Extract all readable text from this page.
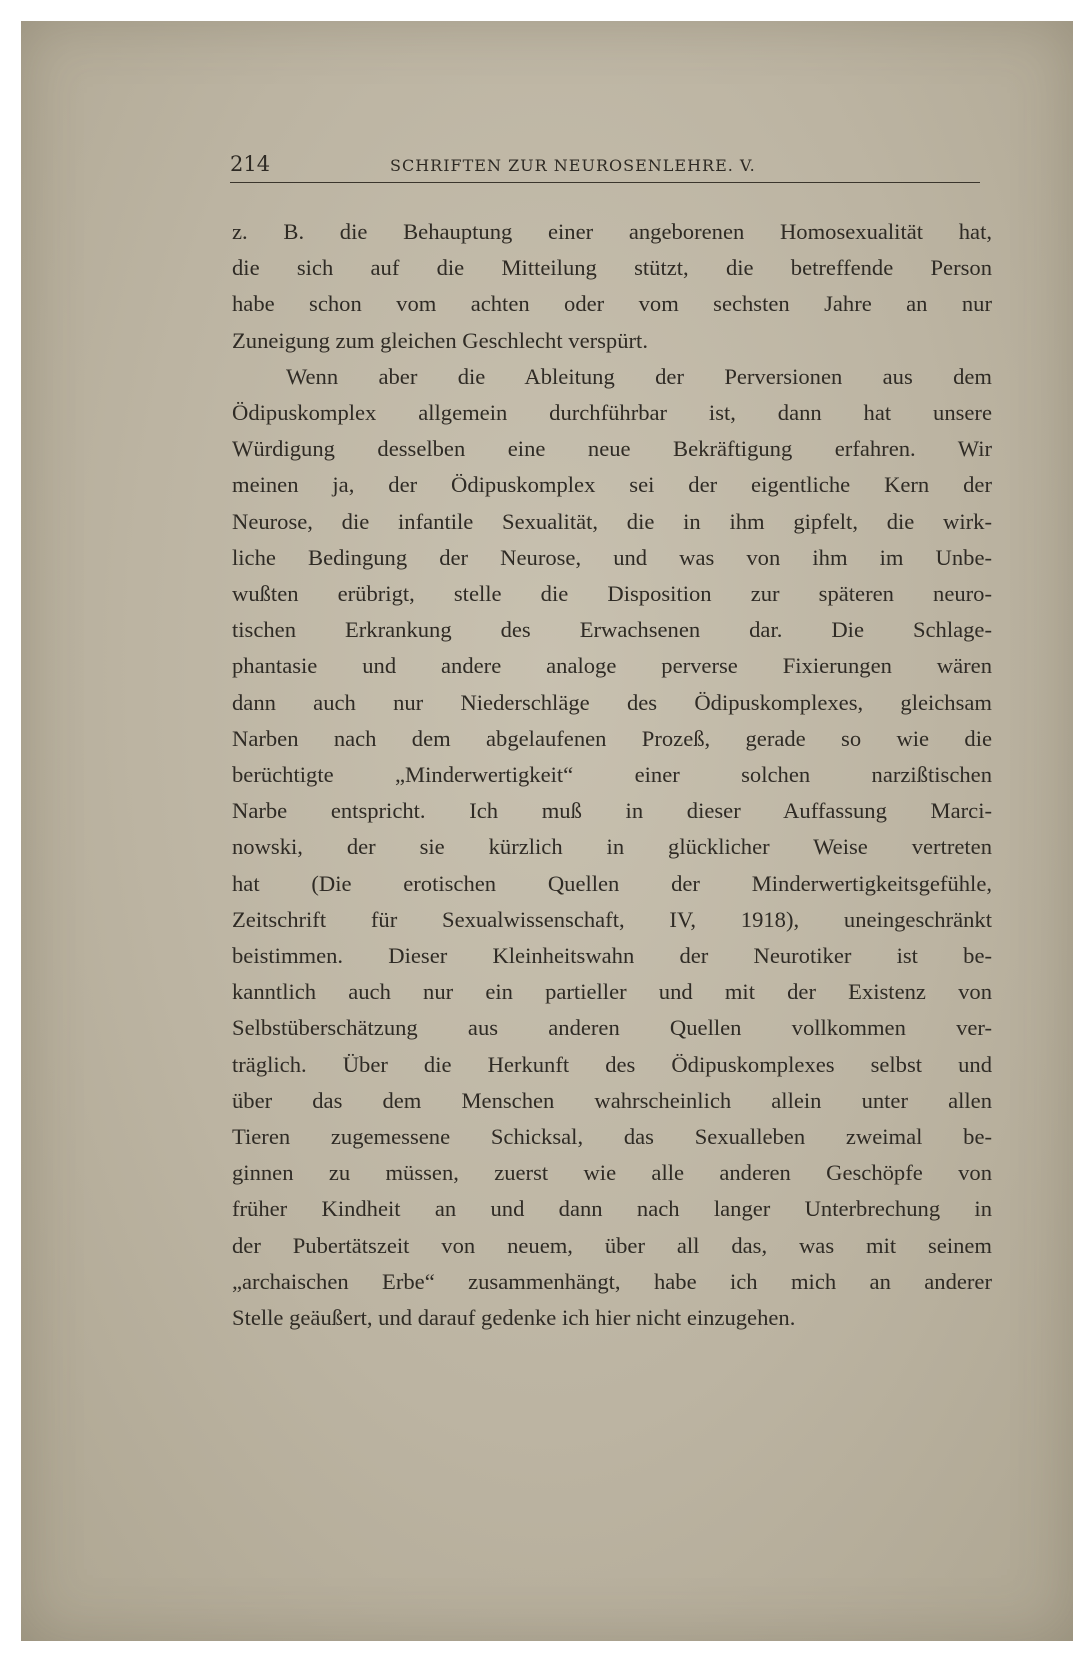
214	SCHRIFTEN ZUR NEUROSENLEHRE. V.
z. B. die Behauptung einer angeborenen Homosexualität hat,
die sich auf die Mitteilung stützt, die betreffende Person
habe schon vom achten oder vom sechsten Jahre an nur
Zuneigung zum gleichen Geschlecht verspürt.
Wenn aber die Ableitung der Perversionen aus dem
Ödipuskomplex allgemein durchführbar ist, dann hat unsere
Würdigung desselben eine neue Bekräftigung erfahren. Wir
meinen ja, der Ödipuskomplex sei der eigentliche Kern der
Neurose, die infantile Sexualität, die in ihm gipfelt, die wirk-
liche Bedingung der Neurose, und was von ihm im Unbe-
wußten erübrigt, stelle die Disposition zur späteren neuro-
tischen Erkrankung des Erwachsenen dar. Die Schlage-
phantasie und andere analoge perverse Fixierungen wären
dann auch nur Niederschläge des Ödipuskomplexes, gleichsam
Narben nach dem abgelaufenen Prozeß, gerade so wie die
berüchtigte „Minderwertigkeit“ einer solchen narzißtischen
Narbe entspricht. Ich muß in dieser Auffassung Marci-
nowski, der sie kürzlich in glücklicher Weise vertreten
hat (Die erotischen Quellen der Minderwertigkeitsgefühle,
Zeitschrift für Sexualwissenschaft, IV, 1918), uneingeschränkt
beistimmen. Dieser Kleinheitswahn der Neurotiker ist be-
kanntlich auch nur ein partieller und mit der Existenz von
Selbstüberschätzung aus anderen Quellen vollkommen ver-
träglich. Über die Herkunft des Ödipuskomplexes selbst und
über das dem Menschen wahrscheinlich allein unter allen
Tieren zugemessene Schicksal, das Sexualleben zweimal be-
ginnen zu müssen, zuerst wie alle anderen Geschöpfe von
früher Kindheit an und dann nach langer Unterbrechung in
der Pubertätszeit von neuem, über all das, was mit seinem
„archaischen Erbe“ zusammenhängt, habe ich mich an anderer
Stelle geäußert, und darauf gedenke ich hier nicht einzugehen.
